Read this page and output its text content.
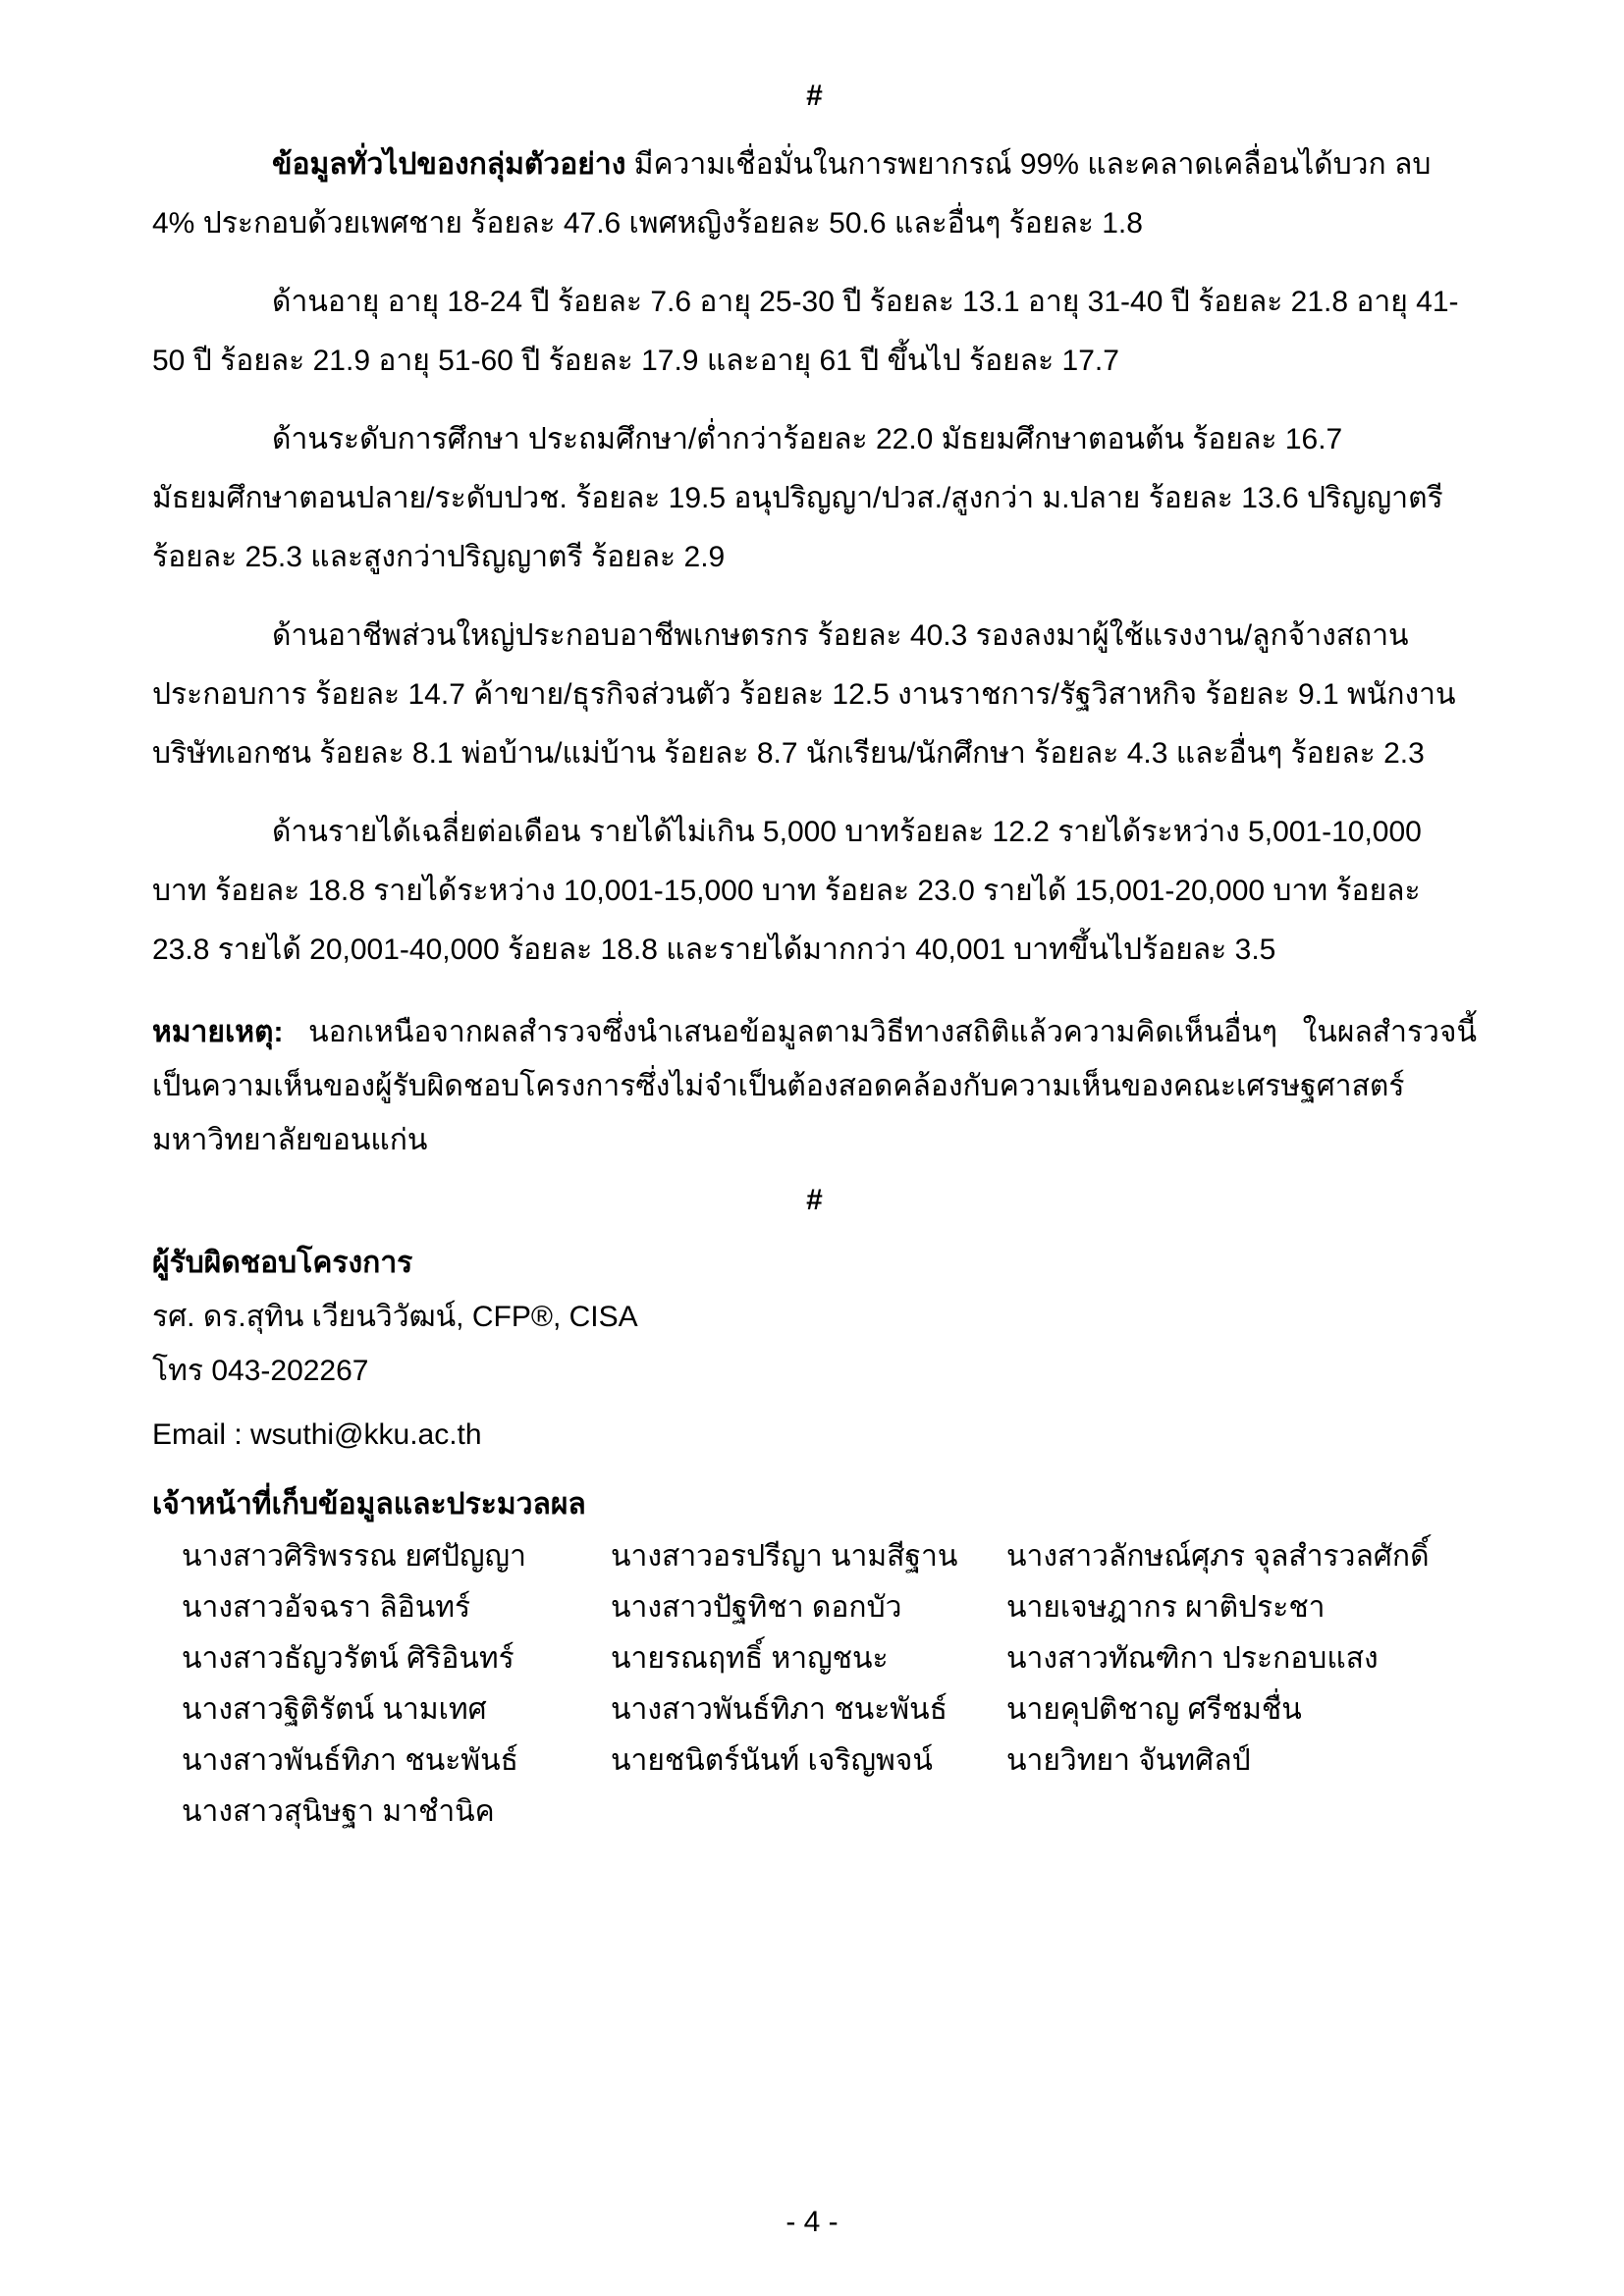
#

ข้อมูลทั่วไปของกลุ่มตัวอย่าง มีความเชื่อมั่นในการพยากรณ์ 99% และคลาดเคลื่อนได้บวก ลบ 4% ประกอบด้วยเพศชาย ร้อยละ 47.6 เพศหญิงร้อยละ 50.6 และอื่นๆ ร้อยละ 1.8

ด้านอายุ อายุ 18-24 ปี ร้อยละ 7.6 อายุ 25-30 ปี ร้อยละ 13.1 อายุ 31-40 ปี ร้อยละ 21.8 อายุ 41-50 ปี ร้อยละ 21.9 อายุ 51-60 ปี ร้อยละ 17.9 และอายุ 61 ปี ขึ้นไป ร้อยละ 17.7

ด้านระดับการศึกษา ประถมศึกษา/ต่ำกว่าร้อยละ 22.0 มัธยมศึกษาตอนต้น ร้อยละ 16.7 มัธยมศึกษาตอนปลาย/ระดับปวช. ร้อยละ 19.5 อนุปริญญา/ปวส./สูงกว่า ม.ปลาย ร้อยละ 13.6 ปริญญาตรี ร้อยละ 25.3 และสูงกว่าปริญญาตรี ร้อยละ 2.9

ด้านอาชีพส่วนใหญ่ประกอบอาชีพเกษตรกร ร้อยละ 40.3 รองลงมาผู้ใช้แรงงาน/ลูกจ้างสถานประกอบการ ร้อยละ 14.7 ค้าขาย/ธุรกิจส่วนตัว ร้อยละ 12.5 งานราชการ/รัฐวิสาหกิจ ร้อยละ 9.1 พนักงานบริษัทเอกชน ร้อยละ 8.1 พ่อบ้าน/แม่บ้าน ร้อยละ 8.7 นักเรียน/นักศึกษา ร้อยละ 4.3 และอื่นๆ ร้อยละ 2.3

ด้านรายได้เฉลี่ยต่อเดือน รายได้ไม่เกิน 5,000 บาทร้อยละ 12.2 รายได้ระหว่าง 5,001-10,000 บาท ร้อยละ 18.8 รายได้ระหว่าง 10,001-15,000 บาท ร้อยละ 23.0 รายได้ 15,001-20,000 บาท ร้อยละ 23.8 รายได้ 20,001-40,000 ร้อยละ 18.8 และรายได้มากกว่า 40,001 บาทขึ้นไปร้อยละ 3.5

หมายเหตุ: นอกเหนือจากผลสำรวจซึ่งนำเสนอข้อมูลตามวิธีทางสถิติแล้วความคิดเห็นอื่นๆ ในผลสำรวจนี้เป็นความเห็นของผู้รับผิดชอบโครงการซึ่งไม่จำเป็นต้องสอดคล้องกับความเห็นของคณะเศรษฐศาสตร์ มหาวิทยาลัยขอนแก่น

#
ผู้รับผิดชอบโครงการ
รศ. ดร.สุทิน เวียนวิวัฒน์, CFP®, CISA
โทร 043-202267
Email : wsuthi@kku.ac.th
เจ้าหน้าที่เก็บข้อมูลและประมวลผล
นางสาวศิริพรรณ ยศปัญญา	นางสาวอรปรีญา นามสีฐาน	นางสาวลักษณ์ศุภร จุลสำรวลศักดิ์
นางสาวอัจฉรา ลิอินทร์	นางสาวปัฐทิชา ดอกบัว	นายเจษฎากร ผาติประชา
นางสาวธัญวรัตน์ ศิริอินทร์	นายรณฤทธิ์ หาญชนะ	นางสาวทัณฑิกา ประกอบแสง
นางสาวฐิติรัตน์ นามเทศ	นางสาวพันธ์ทิภา ชนะพันธ์	นายคุปติชาญ ศรีชมชื่น
นางสาวพันธ์ทิภา ชนะพันธ์	นายชนิตร์นันท์ เจริญพจน์	นายวิทยา จันทศิลป์
นางสาวสุนิษฐา มาชำนิค
- 4 -
